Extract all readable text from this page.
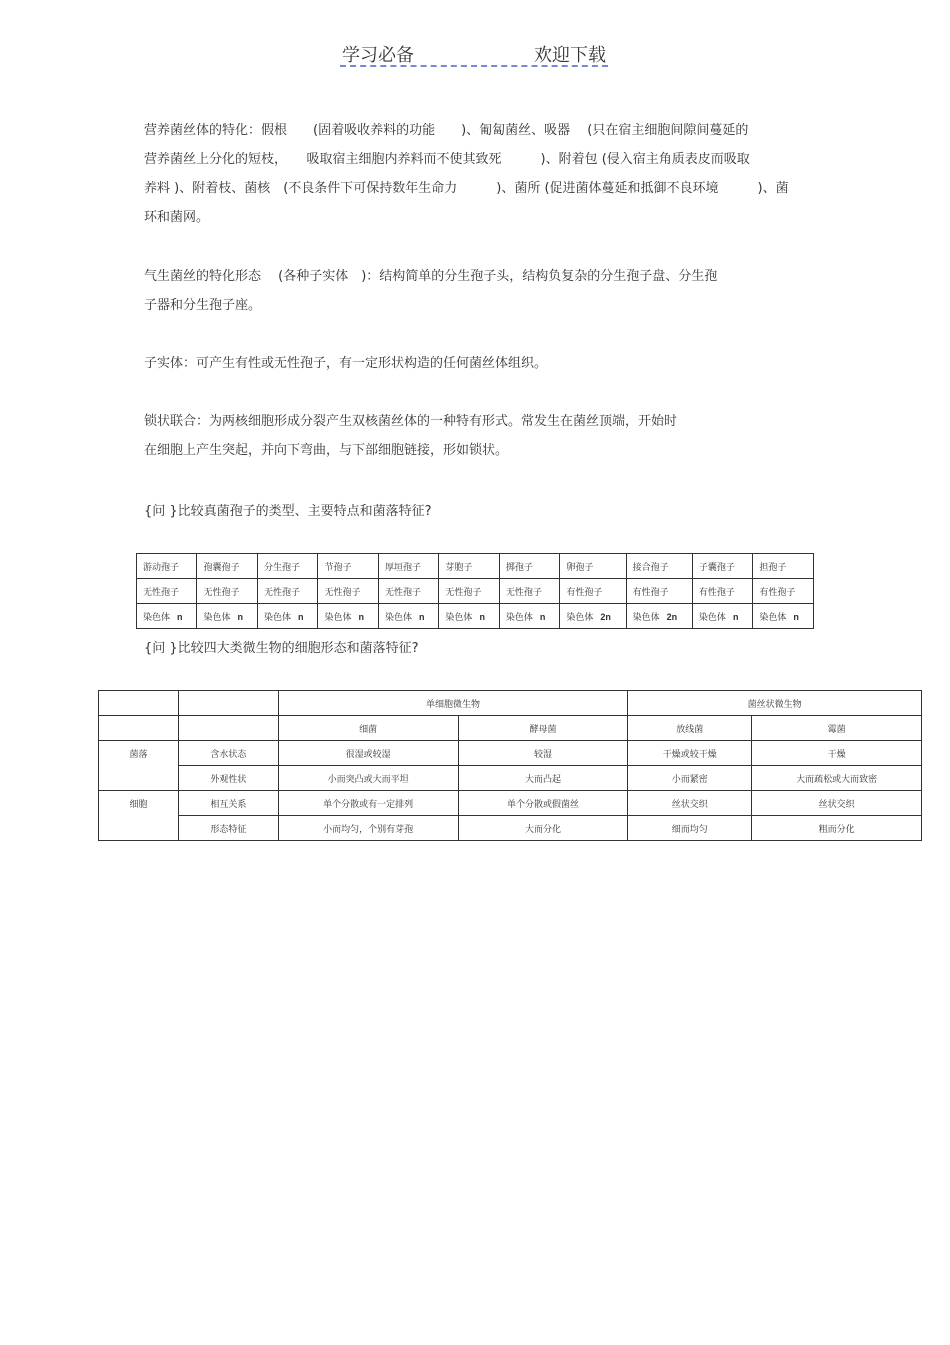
学习必备	欢迎下载

营养菌丝体的特化：假根　　(固着吸收养料的功能　　)、匍匐菌丝、吸器　 (只在宿主细胞间隙间蔓延的

营养菌丝上分化的短枝，　　吸取宿主细胞内养料而不使其致死　　　)、附着包 (侵入宿主角质表皮而吸取

养料 )、附着枝、菌核　(不良条件下可保持数年生命力　　　)、菌所 (促进菌体蔓延和抵御不良环境　　　)、菌

环和菌网。

气生菌丝的特化形态　 (各种子实体　)：结构简单的分生孢子头，结构负复杂的分生孢子盘、分生孢

子器和分生孢子座。

子实体：可产生有性或无性孢子，有一定形状构造的任何菌丝体组织。

锁状联合：为两核细胞形成分裂产生双核菌丝体的一种特有形式。常发生在菌丝顶端，开始时

在细胞上产生突起，并向下弯曲，与下部细胞链接，形如锁状。

{问 }比较真菌孢子的类型、主要特点和菌落特征?

游动孢子	孢囊孢子	分生孢子	节孢子	厚垣孢子	芽胞子	掷孢子	卵孢子	接合孢子	子囊孢子	担孢子
无性孢子	无性孢子	无性孢子	无性孢子	无性孢子	无性孢子	无性孢子	有性孢子	有性孢子	有性孢子	有性孢子
染色体 n	染色体 n	染色体 n	染色体 n	染色体 n	染色体 n	染色体 n	染色体 2n	染色体 2n	染色体 n	染色体 n

{问 }比较四大类微生物的细胞形态和菌落特征?

		单细胞微生物		菌丝状微生物	
		细菌	酵母菌	放线菌	霉菌
菌落	含水状态	很湿或较湿	较湿	干燥或较干燥	干燥
	外观性状	小而突凸或大而平坦	大而凸起	小而紧密	大而疏松或大而致密
细胞	相互关系	单个分散或有一定排列	单个分散或假菌丝	丝状交织	丝状交织
	形态特征	小而均匀，个别有芽孢	大而分化	细而均匀	粗而分化
